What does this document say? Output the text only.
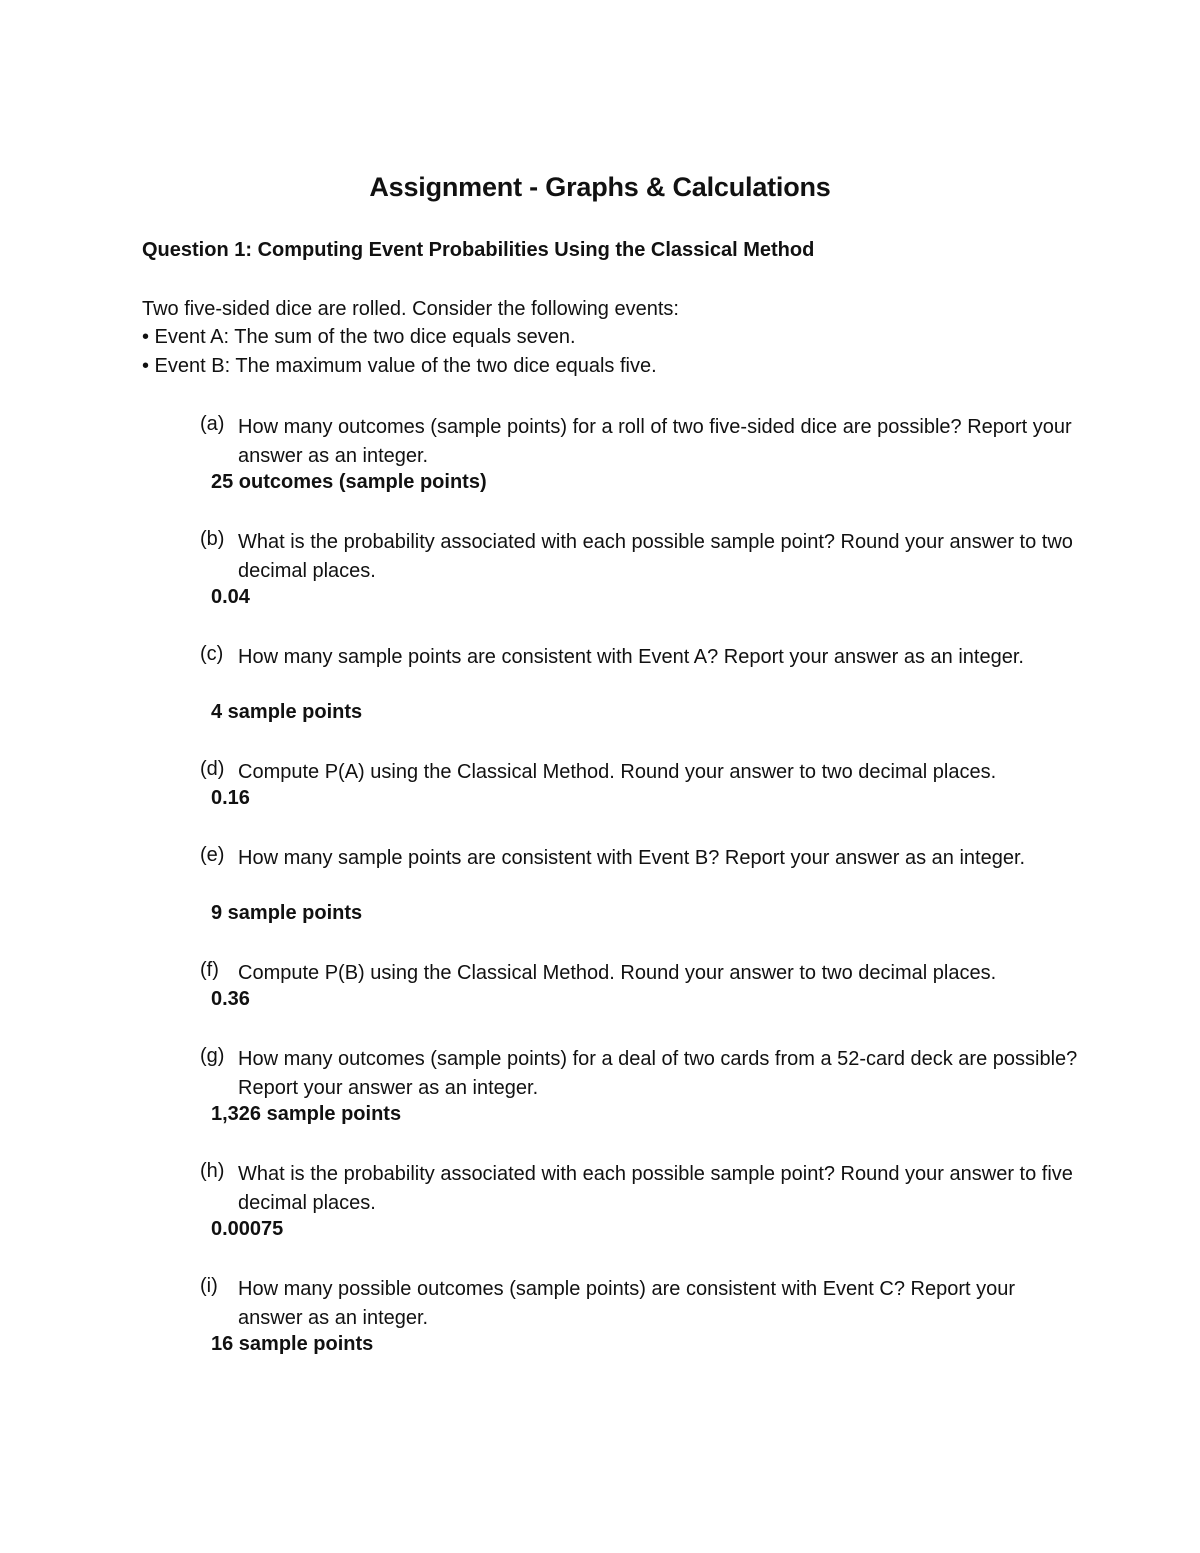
Assignment - Graphs & Calculations

Question 1: Computing Event Probabilities Using the Classical Method

Two five-sided dice are rolled. Consider the following events:

• Event A: The sum of the two dice equals seven.

• Event B: The maximum value of the two dice equals five.

(a) How many outcomes (sample points) for a roll of two five-sided dice are possible? Report your answer as an integer.
25 outcomes (sample points)
(b) What is the probability associated with each possible sample point? Round your answer to two decimal places.
0.04
(c) How many sample points are consistent with Event A? Report your answer as an integer.
4 sample points
(d) Compute P(A) using the Classical Method. Round your answer to two decimal places.
0.16
(e) How many sample points are consistent with Event B? Report your answer as an integer.
9 sample points
(f) Compute P(B) using the Classical Method. Round your answer to two decimal places.
0.36
(g) How many outcomes (sample points) for a deal of two cards from a 52-card deck are possible? Report your answer as an integer.
1,326 sample points
(h) What is the probability associated with each possible sample point? Round your answer to five decimal places.
0.00075
(i) How many possible outcomes (sample points) are consistent with Event C? Report your answer as an integer.
16 sample points
